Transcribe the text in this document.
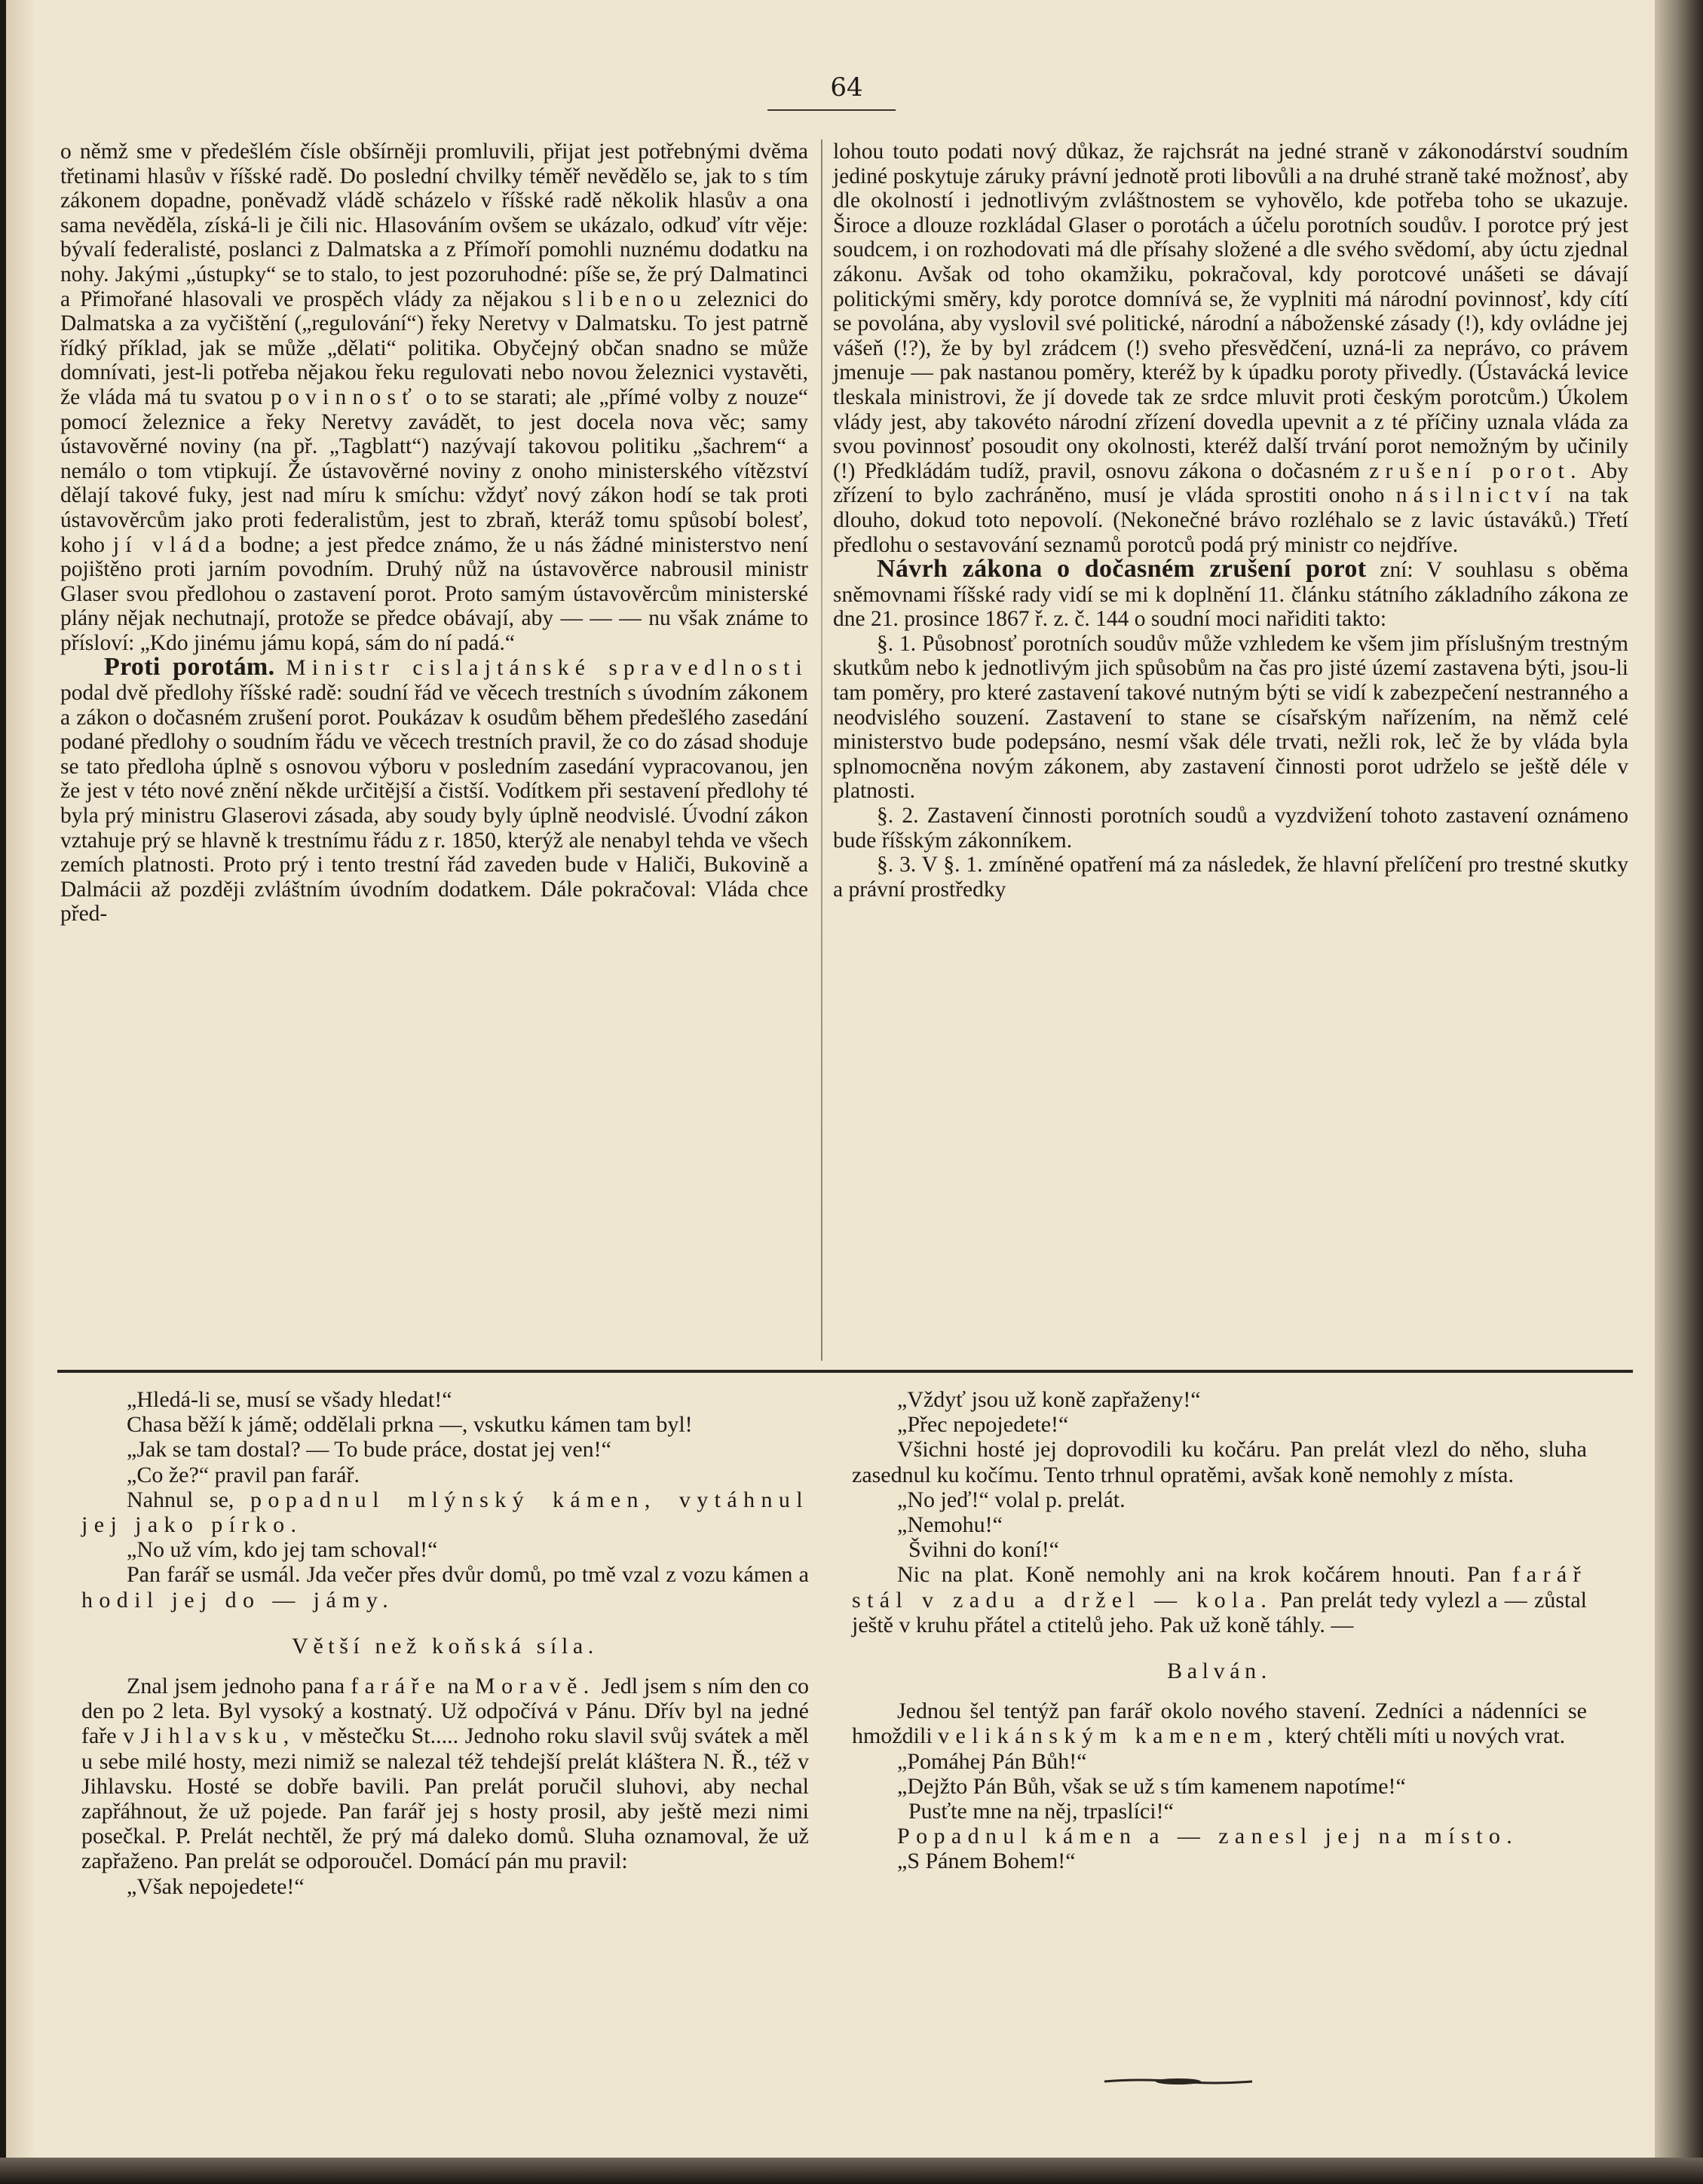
64

o němž sme v předešlém čísle obšírněji promluvili, přijat jest potřebnými dvěma třetinami hlasův v říšské radě. Do poslední chvilky téměř nevědělo se, jak to s tím zákonem dopadne, poněvadž vládě scházelo v říšské radě několik hlasův a ona sama nevěděla, získá-li je čili nic. Hlasováním ovšem se ukázalo, odkuď vítr věje: bývalí federalisté, poslanci z Dalmatska a z Přímoří pomohli nuznému dodatku na nohy. Jakými „ústupky“ se to stalo, to jest pozoruhodné: píše se, že prý Dalmatinci a Přimořané hlasovali ve prospěch vlády za nějakou slibenou zeleznici do Dalmatska a za vyčištění („regulování“) řeky Neretvy v Dalmatsku. To jest patrně řídký příklad, jak se může „dělati“ politika. Obyčejný občan snadno se může domnívati, jest-li potřeba nějakou řeku regulovati nebo novou železnici vystavěti, že vláda má tu svatou povinnosť o to se starati; ale „přímé volby z nouze“ pomocí železnice a řeky Neretvy zavádět, to jest docela nova věc; samy ústavověrné noviny (na př. „Tagblatt“) nazývají takovou politiku „šachrem“ a nemálo o tom vtipkují. Že ústavověrné noviny z onoho ministerského vítězství dělají takové fuky, jest nad míru k smíchu: vždyť nový zákon hodí se tak proti ústavověrcům jako proti federalistům, jest to zbraň, kteráž tomu spůsobí bolesť, koho jí vláda bodne; a jest předce známo, že u nás žádné ministerstvo není pojištěno proti jarním povodním. Druhý nůž na ústavověrce nabrousil ministr Glaser svou předlohou o zastavení porot. Proto samým ústavověrcům ministerské plány nějak nechutnají, protože se předce obávají, aby — — — nu však známe to přísloví: „Kdo jinému jámu kopá, sám do ní padá.“

Proti porotám. Ministr cislajtánské spravedlnosti podal dvě předlohy říšské radě: soudní řád ve věcech trestních s úvodním zákonem a zákon o dočasném zrušení porot. Poukázav k osudům během předešlého zasedání podané předlohy o soudním řádu ve věcech trestních pravil, že co do zásad shoduje se tato předloha úplně s osnovou výboru v posledním zasedání vypracovanou, jen že jest v této nové znění někde určitější a čistší. Vodítkem při sestavení předlohy té byla prý ministru Glaserovi zásada, aby soudy byly úplně neodvislé. Úvodní zákon vztahuje prý se hlavně k trestnímu řádu z r. 1850, kterýž ale nenabyl tehda ve všech zemích platnosti. Proto prý i tento trestní řád zaveden bude v Haliči, Bukovině a Dalmácii až později zvláštním úvodním dodatkem. Dále pokračoval: Vláda chce před-

lohou touto podati nový důkaz, že rajchsrát na jedné straně v zákonodárství soudním jediné poskytuje záruky právní jednotě proti libovůli a na druhé straně také možnosť, aby dle okolností i jednotlivým zvláštnostem se vyhovělo, kde potřeba toho se ukazuje. Široce a dlouze rozkládal Glaser o porotách a účelu porotních soudův. I porotce prý jest soudcem, i on rozhodovati má dle přísahy složené a dle svého svědomí, aby úctu zjednal zákonu. Avšak od toho okamžiku, pokračoval, kdy porotcové unášeti se dávají politickými směry, kdy porotce domnívá se, že vyplniti má národní povinnosť, kdy cítí se povolána, aby vyslovil své politické, národní a náboženské zásady (!), kdy ovládne jej vášeň (!?), že by byl zrádcem (!) sveho přesvědčení, uzná-li za neprávo, co právem jmenuje — pak nastanou poměry, kteréž by k úpadku poroty přivedly. (Ústavácká levice tleskala ministrovi, že jí dovede tak ze srdce mluvit proti českým porotcům.) Úkolem vlády jest, aby takovéto národní zřízení dovedla upevnit a z té příčiny uznala vláda za svou povinnosť posoudit ony okolnosti, kteréž další trvání porot nemožným by učinily (!) Předkládám tudíž, pravil, osnovu zákona o dočasném zrušení porot. Aby zřízení to bylo zachráněno, musí je vláda sprostiti onoho násilnictví na tak dlouho, dokud toto nepovolí. (Nekonečné brávo rozléhalo se z lavic ústaváků.) Třetí předlohu o sestavování seznamů porotců podá prý ministr co nejdříve.

Návrh zákona o dočasném zrušení porot zní: V souhlasu s oběma sněmovnami říšské rady vidí se mi k doplnění 11. článku státního základního zákona ze dne 21. prosince 1867 ř. z. č. 144 o soudní moci nařiditi takto:

§. 1. Působnosť porotních soudův může vzhledem ke všem jim příslušným trestným skutkům nebo k jednotlivým jich spůsobům na čas pro jisté území zastavena býti, jsou-li tam poměry, pro které zastavení takové nutným býti se vidí k zabezpečení nestranného a neodvislého souzení. Zastavení to stane se císařským nařízením, na němž celé ministerstvo bude podepsáno, nesmí však déle trvati, nežli rok, leč že by vláda byla splnomocněna novým zákonem, aby zastavení činnosti porot udrželo se ještě déle v platnosti.

§. 2. Zastavení činnosti porotních soudů a vyzdvižení tohoto zastavení oznámeno bude říšským zákonníkem.

§. 3. V §. 1. zmíněné opatření má za následek, že hlavní přelíčení pro trestné skutky a právní prostředky

„Hledá-li se, musí se všady hledat!“

Chasa běží k jámě; oddělali prkna —, vskutku kámen tam byl!

„Jak se tam dostal? — To bude práce, dostat jej ven!“

„Co že?“ pravil pan farář.

Nahnul se, popadnul mlýnský kámen, vytáhnul jej jako pírko.

„No už vím, kdo jej tam schoval!“

Pan farář se usmál. Jda večer přes dvůr domů, po tmě vzal z vozu kámen a hodil jej do — jámy.

Větší než koňská síla.

Znal jsem jednoho pana faráře na Moravě. Jedl jsem s ním den co den po 2 leta. Byl vysoký a kostnatý. Už odpočívá v Pánu. Dřív byl na jedné faře v Jihlavsku, v městečku St..... Jednoho roku slavil svůj svátek a měl u sebe milé hosty, mezi nimiž se nalezal též tehdejší prelát kláštera N. Ř., též v Jihlavsku. Hosté se dobře bavili. Pan prelát poručil sluhovi, aby nechal zapřáhnout, že už pojede. Pan farář jej s hosty prosil, aby ještě mezi nimi posečkal. P. Prelát nechtěl, že prý má daleko domů. Sluha oznamoval, že už zapřaženo. Pan prelát se odporoučel. Domácí pán mu pravil:

„Však nepojedete!“

„Vždyť jsou už koně zapřaženy!“

„Přec nepojedete!“

Všichni hosté jej doprovodili ku kočáru. Pan prelát vlezl do něho, sluha zasednul ku kočímu. Tento trhnul opratěmi, avšak koně nemohly z místa.

„No jeď!“ volal p. prelát.

„Nemohu!“

Švihni do koní!“

Nic na plat. Koně nemohly ani na krok kočárem hnouti. Pan farář stál v zadu a držel — kola. Pan prelát tedy vylezl a — zůstal ještě v kruhu přátel a ctitelů jeho. Pak už koně táhly. —

Balván.

Jednou šel tentýž pan farář okolo nového stavení. Zedníci a nádenníci se hmoždili velikánským kamenem, který chtěli míti u nových vrat.

„Pomáhej Pán Bůh!“

„Dejžto Pán Bůh, však se už s tím kamenem napotíme!“

Pusťte mne na něj, trpaslíci!“

Popadnul kámen a — zanesl jej na místo.

„S Pánem Bohem!“
